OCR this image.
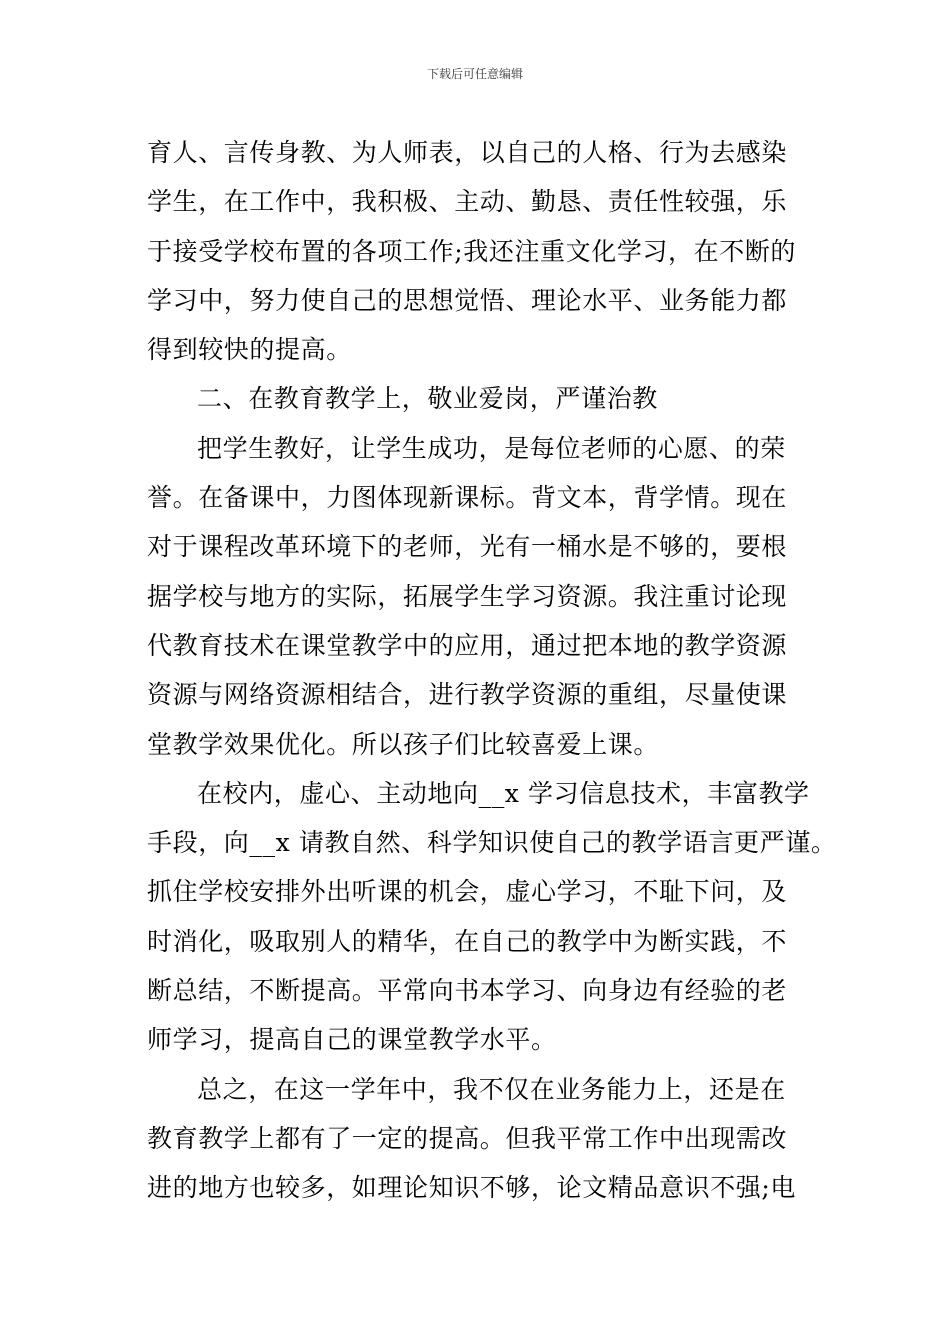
下载后可任意编辑
育人、言传身教、为人师表，以自己的人格、行为去感染
学生，在工作中，我积极、主动、勤恳、责任性较强，乐
于接受学校布置的各项工作;我还注重文化学习，在不断的
学习中，努力使自己的思想觉悟、理论水平、业务能力都
得到较快的提高。
二、在教育教学上，敬业爱岗，严谨治教
把学生教好，让学生成功，是每位老师的心愿、的荣
誉。在备课中，力图体现新课标。背文本，背学情。现在
对于课程改革环境下的老师，光有一桶水是不够的，要根
据学校与地方的实际，拓展学生学习资源。我注重讨论现
代教育技术在课堂教学中的应用，通过把本地的教学资源
资源与网络资源相结合，进行教学资源的重组，尽量使课
堂教学效果优化。所以孩子们比较喜爱上课。
在校内，虚心、主动地向__x 学习信息技术，丰富教学
手段，向__x 请教自然、科学知识使自己的教学语言更严谨。
抓住学校安排外出听课的机会，虚心学习，不耻下问，及
时消化，吸取别人的精华，在自己的教学中为断实践，不
断总结，不断提高。平常向书本学习、向身边有经验的老
师学习，提高自己的课堂教学水平。
总之，在这一学年中，我不仅在业务能力上，还是在
教育教学上都有了一定的提高。但我平常工作中出现需改
进的地方也较多，如理论知识不够，论文精品意识不强;电
